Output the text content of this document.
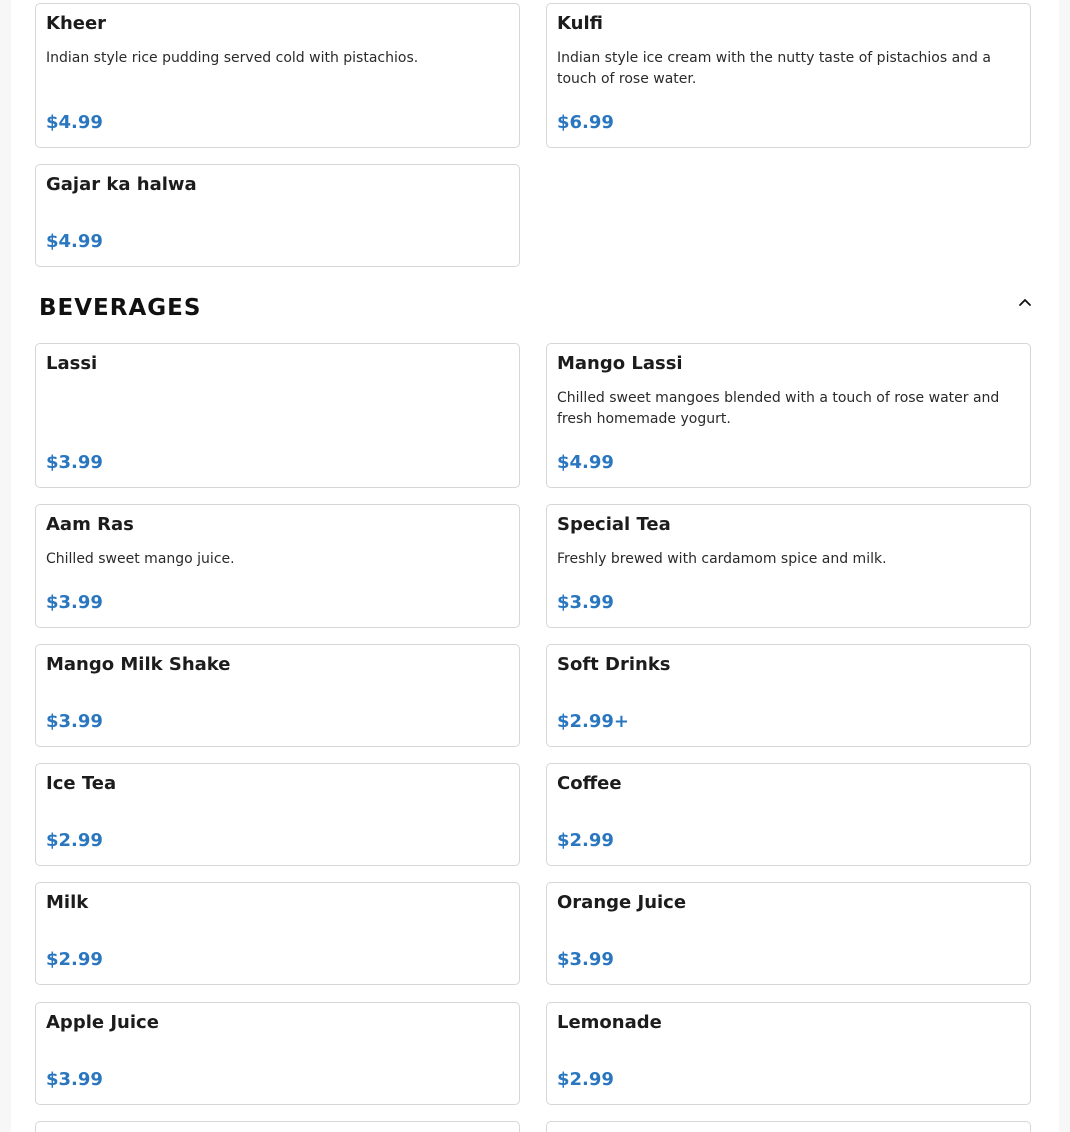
Kheer
Indian style rice pudding served cold with pistachios.
$4.99
Kulfi
Indian style ice cream with the nutty taste of pistachios and a touch of rose water.
$6.99
Gajar ka halwa
$4.99
BEVERAGES
Lassi
$3.99
Mango Lassi
Chilled sweet mangoes blended with a touch of rose water and fresh homemade yogurt.
$4.99
Aam Ras
Chilled sweet mango juice.
$3.99
Special Tea
Freshly brewed with cardamom spice and milk.
$3.99
Mango Milk Shake
$3.99
Soft Drinks
$2.99+
Ice Tea
$2.99
Coffee
$2.99
Milk
$2.99
Orange Juice
$3.99
Apple Juice
$3.99
Lemonade
$2.99
